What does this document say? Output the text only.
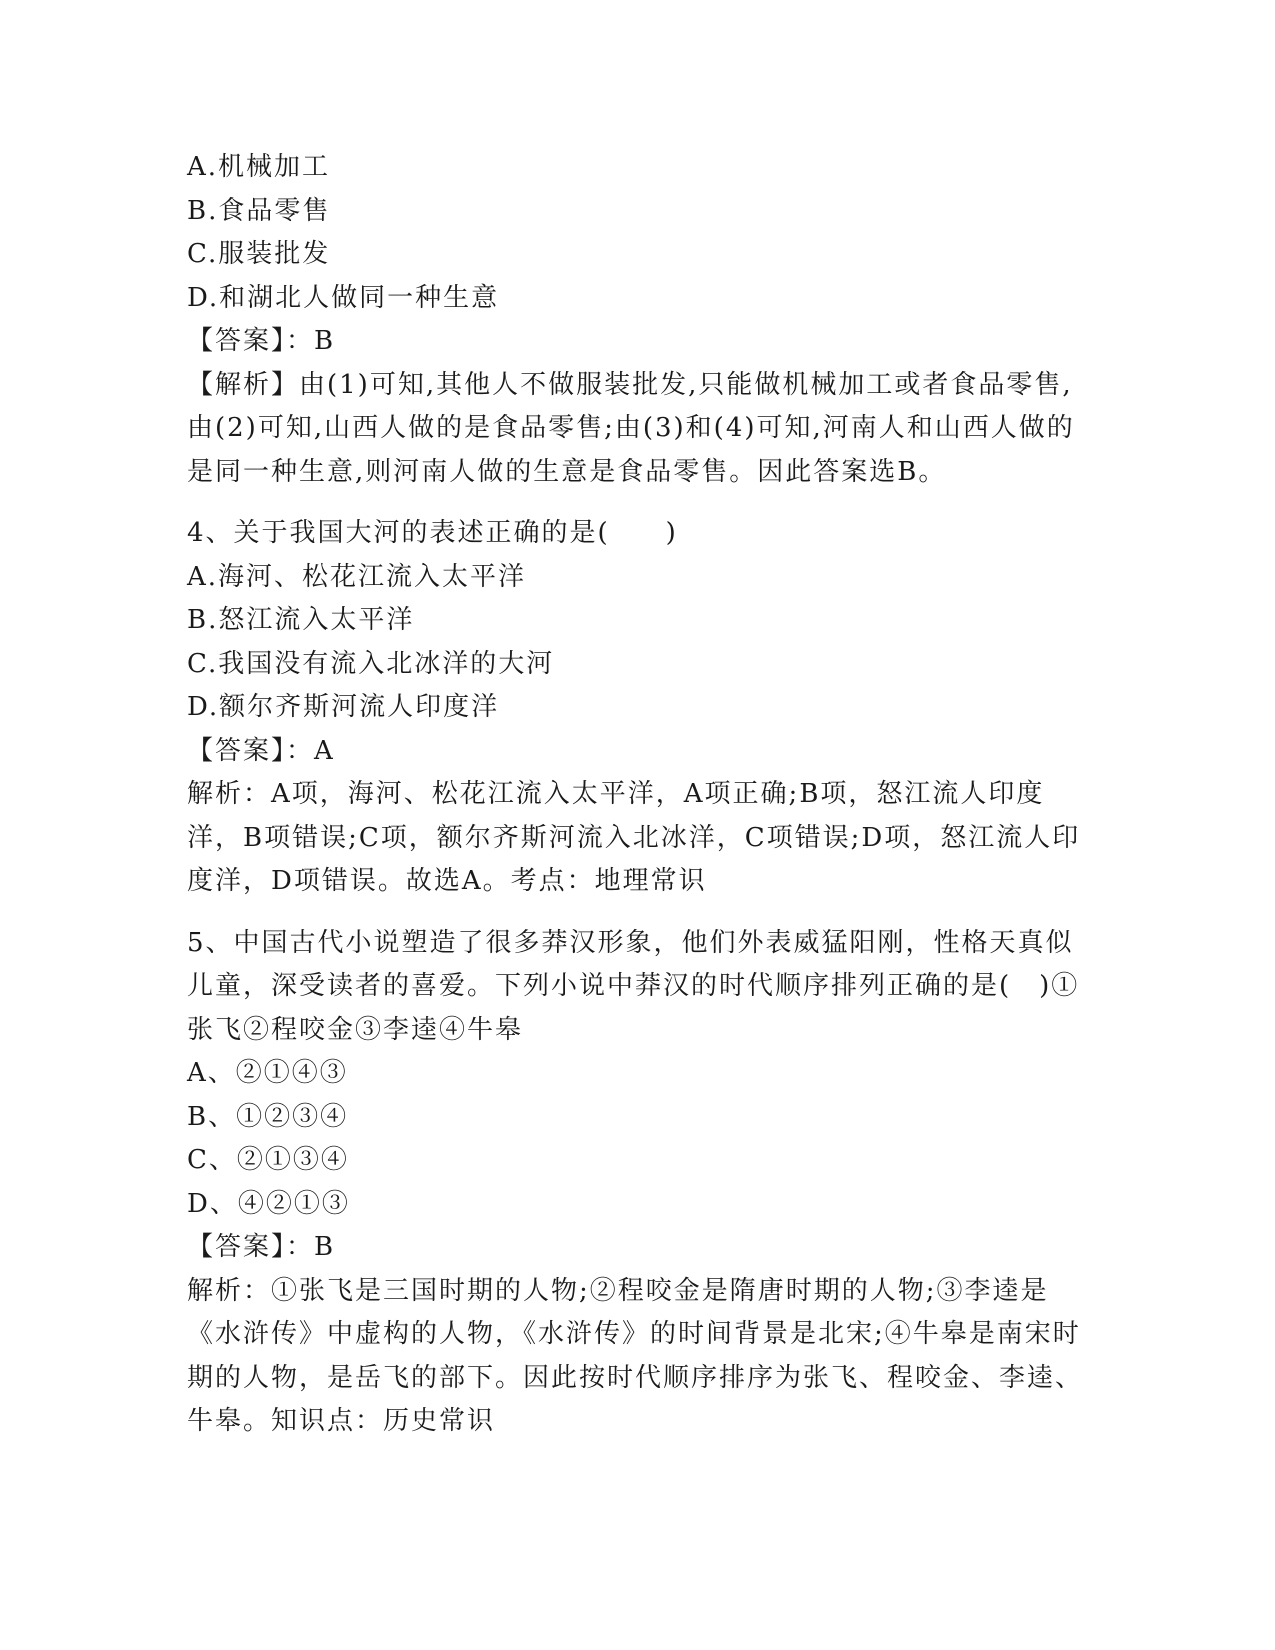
A.机械加工
B.食品零售
C.服装批发
D.和湖北人做同一种生意
【答案】：B
【解析】由(1)可知,其他人不做服装批发,只能做机械加工或者食品零售,由(2)可知,山西人做的是食品零售;由(3)和(4)可知,河南人和山西人做的是同一种生意,则河南人做的生意是食品零售。因此答案选B。
4、关于我国大河的表述正确的是(　　)
A.海河、松花江流入太平洋
B.怒江流入太平洋
C.我国没有流入北冰洋的大河
D.额尔齐斯河流人印度洋
【答案】：A
解析：A项，海河、松花江流入太平洋，A项正确;B项，怒江流人印度洋，B项错误;C项，额尔齐斯河流入北冰洋，C项错误;D项，怒江流人印度洋，D项错误。故选A。考点：地理常识
5、中国古代小说塑造了很多莽汉形象，他们外表威猛阳刚，性格天真似儿童，深受读者的喜爱。下列小说中莽汉的时代顺序排列正确的是(　)①张飞②程咬金③李逵④牛皋
A、②①④③
B、①②③④
C、②①③④
D、④②①③
【答案】：B
解析：①张飞是三国时期的人物;②程咬金是隋唐时期的人物;③李逵是《水浒传》中虚构的人物，《水浒传》的时间背景是北宋;④牛皋是南宋时期的人物，是岳飞的部下。因此按时代顺序排序为张飞、程咬金、李逵、牛皋。知识点：历史常识
